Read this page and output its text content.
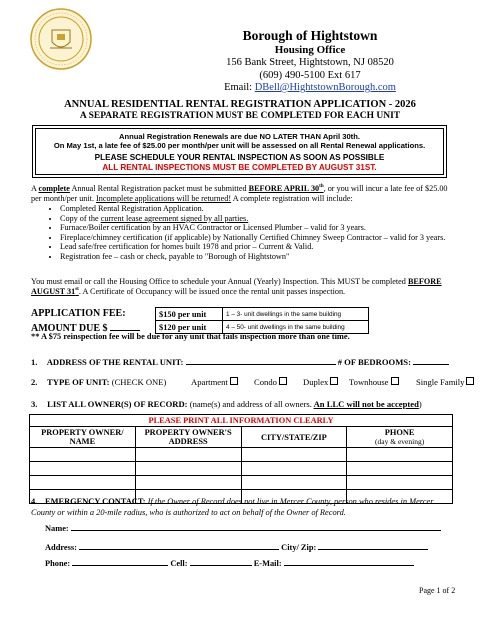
Borough of Hightstown
Housing Office
156 Bank Street, Hightstown, NJ 08520
(609) 490-5100 Ext 617
Email: DBell@HightstownBorough.com
ANNUAL RESIDENTIAL RENTAL REGISTRATION APPLICATION - 2026
A SEPARATE REGISTRATION MUST BE COMPLETED FOR EACH UNIT
Annual Registration Renewals are due NO LATER THAN April 30th.
On May 1st, a late fee of $25.00 per month/per unit will be assessed on all Rental Renewal applications.
PLEASE SCHEDULE YOUR RENTAL INSPECTION AS SOON AS POSSIBLE
ALL RENTAL INSPECTIONS MUST BE COMPLETED BY AUGUST 31ST.
A complete Annual Rental Registration packet must be submitted BEFORE APRIL 30th, or you will incur a late fee of $25.00 per month/per unit. Incomplete applications will be returned! A complete registration will include:
• Completed Rental Registration Application.
• Copy of the current lease agreement signed by all parties.
• Furnace/Boiler certification by an HVAC Contractor or Licensed Plumber – valid for 3 years.
• Fireplace/chimney certification (if applicable) by Nationally Certified Chimney Sweep Contractor – valid for 3 years.
• Lead safe/free certification for homes built 1978 and prior – Current & Valid.
• Registration fee – cash or check, payable to "Borough of Hightstown"
You must email or call the Housing Office to schedule your Annual (Yearly) Inspection. This MUST be completed BEFORE AUGUST 31st. A Certificate of Occupancy will be issued once the rental unit passes inspection.
APPLICATION FEE:
AMOUNT DUE $
$150 per unit	1 – 3- unit dwellings in the same building
$120 per unit	4 – 50- unit dwellings in the same building
** A $75 reinspection fee will be due for any unit that fails inspection more than one time.
1. ADDRESS OF THE RENTAL UNIT:	# OF BEDROOMS:
2. TYPE OF UNIT: (CHECK ONE)	Apartment	Condo	Duplex	Townhouse	Single Family
3. LIST ALL OWNER(S) OF RECORD: (name(s) and address of all owners. An LLC will not be accepted)
PLEASE PRINT ALL INFORMATION CLEARLY			
PROPERTY OWNER/ NAME	PROPERTY OWNER'S ADDRESS	CITY/STATE/ZIP	PHONE
(day & evening)

4. EMERGENCY CONTACT: If the Owner of Record does not live in Mercer County, person who resides in Mercer County or within a 20-mile radius, who is authorized to act on behalf of the Owner of Record.
Name:
Address:	City/ Zip:
Phone:	Cell:	E-Mail:
Page 1 of 2
